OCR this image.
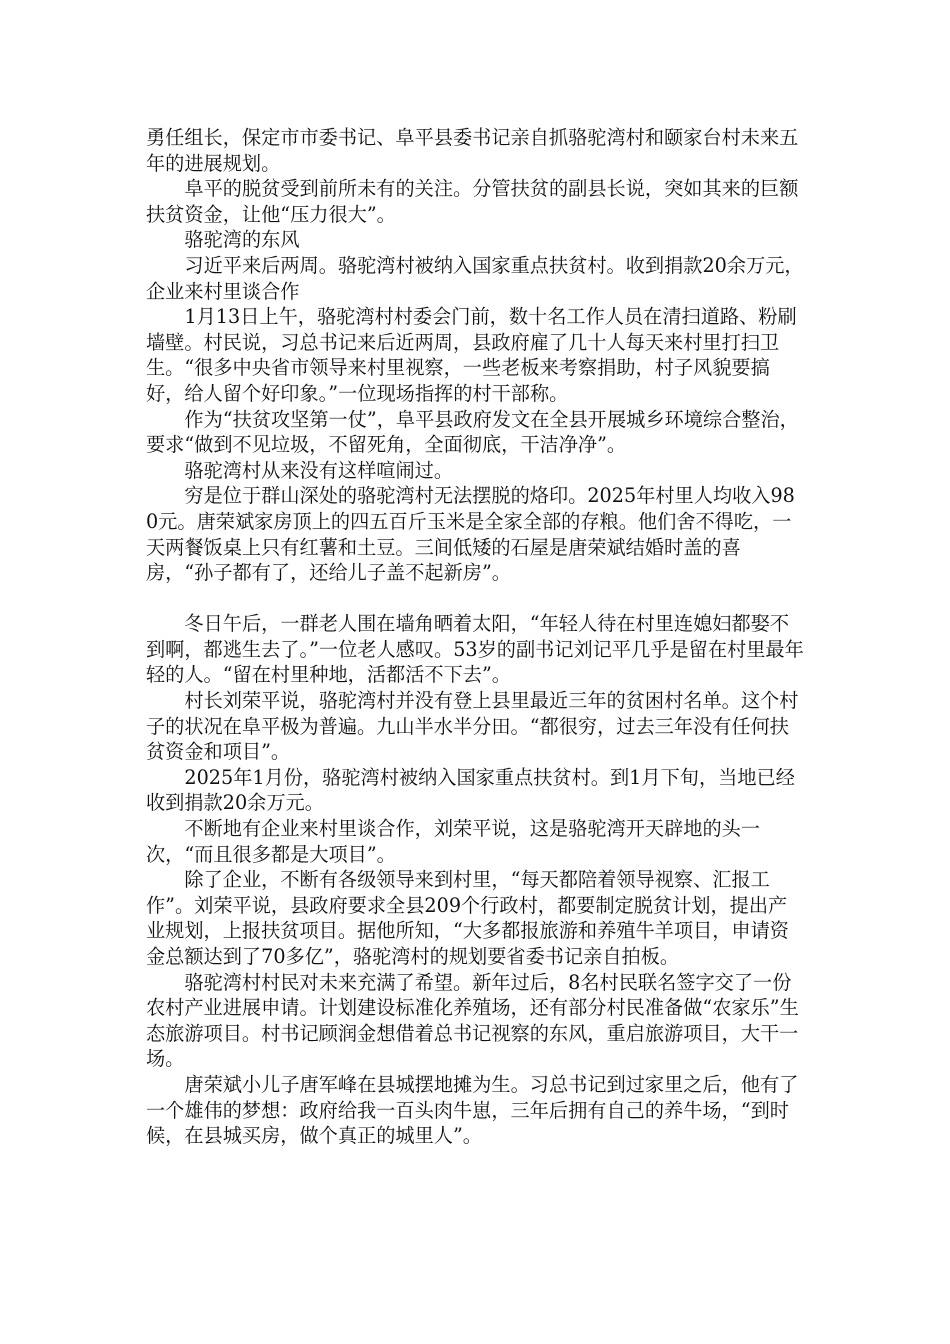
勇任组长，保定市市委书记、阜平县委书记亲自抓骆驼湾村和颐家台村未来五年的进展规划。

阜平的脱贫受到前所未有的关注。分管扶贫的副县长说，突如其来的巨额扶贫资金，让他“压力很大”。

骆驼湾的东风

习近平来后两周。骆驼湾村被纳入国家重点扶贫村。收到捐款20余万元，企业来村里谈合作

1月13日上午，骆驼湾村村委会门前，数十名工作人员在清扫道路、粉刷墙壁。村民说，习总书记来后近两周，县政府雇了几十人每天来村里打扫卫生。“很多中央省市领导来村里视察，一些老板来考察捐助，村子风貌要搞好，给人留个好印象。”一位现场指挥的村干部称。

作为“扶贫攻坚第一仗”，阜平县政府发文在全县开展城乡环境综合整治，要求“做到不见垃圾，不留死角，全面彻底，干洁净净”。

骆驼湾村从来没有这样喧闹过。

穷是位于群山深处的骆驼湾村无法摆脱的烙印。2025年村里人均收入980元。唐荣斌家房顶上的四五百斤玉米是全家全部的存粮。他们舍不得吃，一天两餐饭桌上只有红薯和土豆。三间低矮的石屋是唐荣斌结婚时盖的喜房，“孙子都有了，还给儿子盖不起新房”。

冬日午后，一群老人围在墙角晒着太阳，“年轻人待在村里连媳妇都娶不到啊，都逃生去了。”一位老人感叹。53岁的副书记刘记平几乎是留在村里最年轻的人。“留在村里种地，活都活不下去”。

村长刘荣平说，骆驼湾村并没有登上县里最近三年的贫困村名单。这个村子的状况在阜平极为普遍。九山半水半分田。“都很穷，过去三年没有任何扶贫资金和项目”。

2025年1月份，骆驼湾村被纳入国家重点扶贫村。到1月下旬，当地已经收到捐款20余万元。

不断地有企业来村里谈合作，刘荣平说，这是骆驼湾开天辟地的头一次，“而且很多都是大项目”。

除了企业，不断有各级领导来到村里，“每天都陪着领导视察、汇报工作”。刘荣平说，县政府要求全县209个行政村，都要制定脱贫计划，提出产业规划，上报扶贫项目。据他所知，“大多都报旅游和养殖牛羊项目，申请资金总额达到了70多亿”，骆驼湾村的规划要省委书记亲自拍板。

骆驼湾村村民对未来充满了希望。新年过后，8名村民联名签字交了一份农村产业进展申请。计划建设标准化养殖场，还有部分村民准备做“农家乐”生态旅游项目。村书记顾润金想借着总书记视察的东风，重启旅游项目，大干一场。

唐荣斌小儿子唐军峰在县城摆地摊为生。习总书记到过家里之后，他有了一个雄伟的梦想：政府给我一百头肉牛崽，三年后拥有自己的养牛场，“到时候，在县城买房，做个真正的城里人”。
